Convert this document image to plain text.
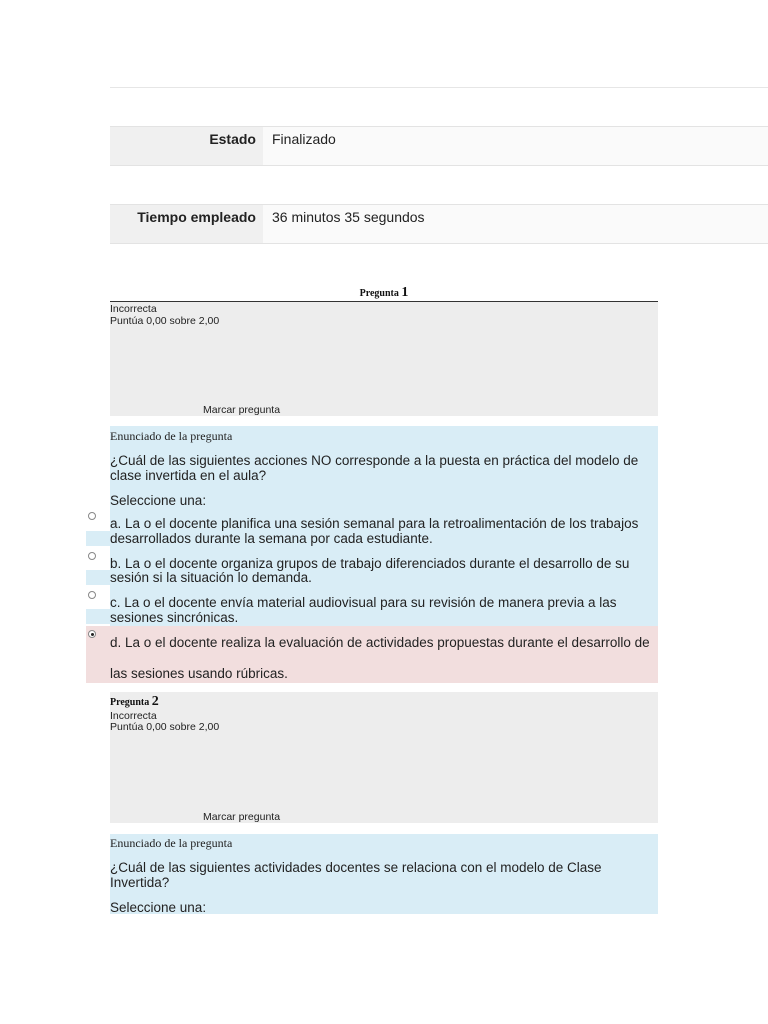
Estado	Finalizado
Tiempo empleado	36 minutos 35 segundos
Pregunta 1
Incorrecta
Puntúa 0,00 sobre 2,00
Marcar pregunta
Enunciado de la pregunta
¿Cuál de las siguientes acciones NO corresponde a la puesta en práctica del modelo de
clase invertida en el aula?
Seleccione una:
a. La o el docente planifica una sesión semanal para la retroalimentación de los trabajos
desarrollados durante la semana por cada estudiante.
b. La o el docente organiza grupos de trabajo diferenciados durante el desarrollo de su
sesión si la situación lo demanda.
c. La o el docente envía material audiovisual para su revisión de manera previa a las
sesiones sincrónicas.
d. La o el docente realiza la evaluación de actividades propuestas durante el desarrollo de
las sesiones usando rúbricas.
Pregunta 2
Incorrecta
Puntúa 0,00 sobre 2,00
Marcar pregunta
Enunciado de la pregunta
¿Cuál de las siguientes actividades docentes se relaciona con el modelo de Clase
Invertida?
Seleccione una:
